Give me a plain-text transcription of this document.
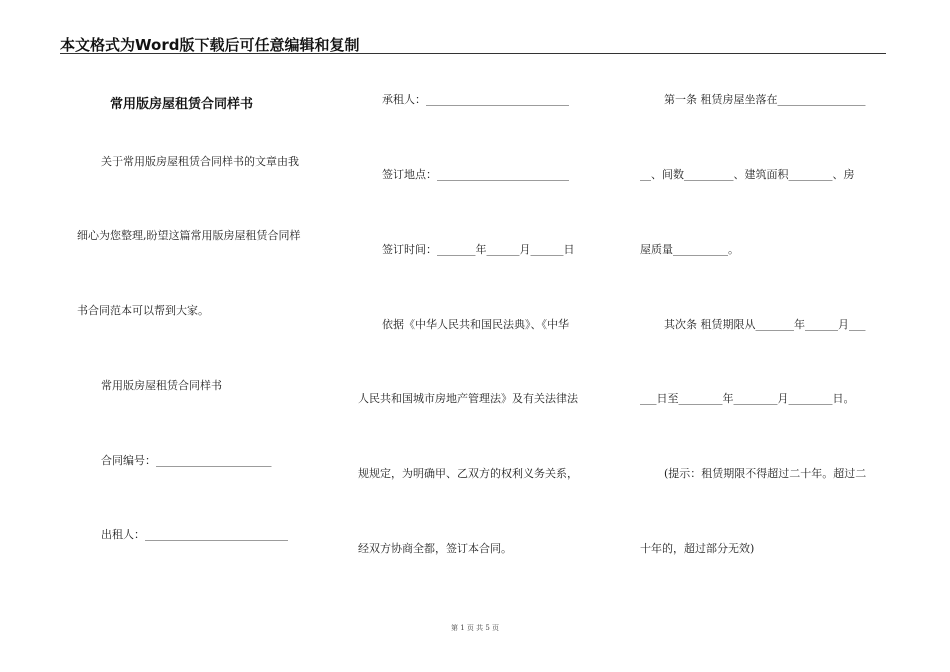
本文格式为Word版下载后可任意编辑和复制
常用版房屋租赁合同样书
关于常用版房屋租赁合同样书的文章由我
细心为您整理,盼望这篇常用版房屋租赁合同样
书合同范本可以帮到大家。
常用版房屋租赁合同样书
合同编号：_____________________
出租人：__________________________
承租人：__________________________
签订地点：________________________
签订时间：_______年______月______日
依据《中华人民共和国民法典》、《中华
人民共和国城市房地产管理法》及有关法律法
规规定，为明确甲、乙双方的权利义务关系，
经双方协商全都，签订本合同。
第一条 租赁房屋坐落在________________
__、间数_________、建筑面积________、房
屋质量__________。
其次条 租赁期限从_______年______月___
___日至________年________月________日。
(提示：租赁期限不得超过二十年。超过二
十年的，超过部分无效)
第 1 页 共 5 页
